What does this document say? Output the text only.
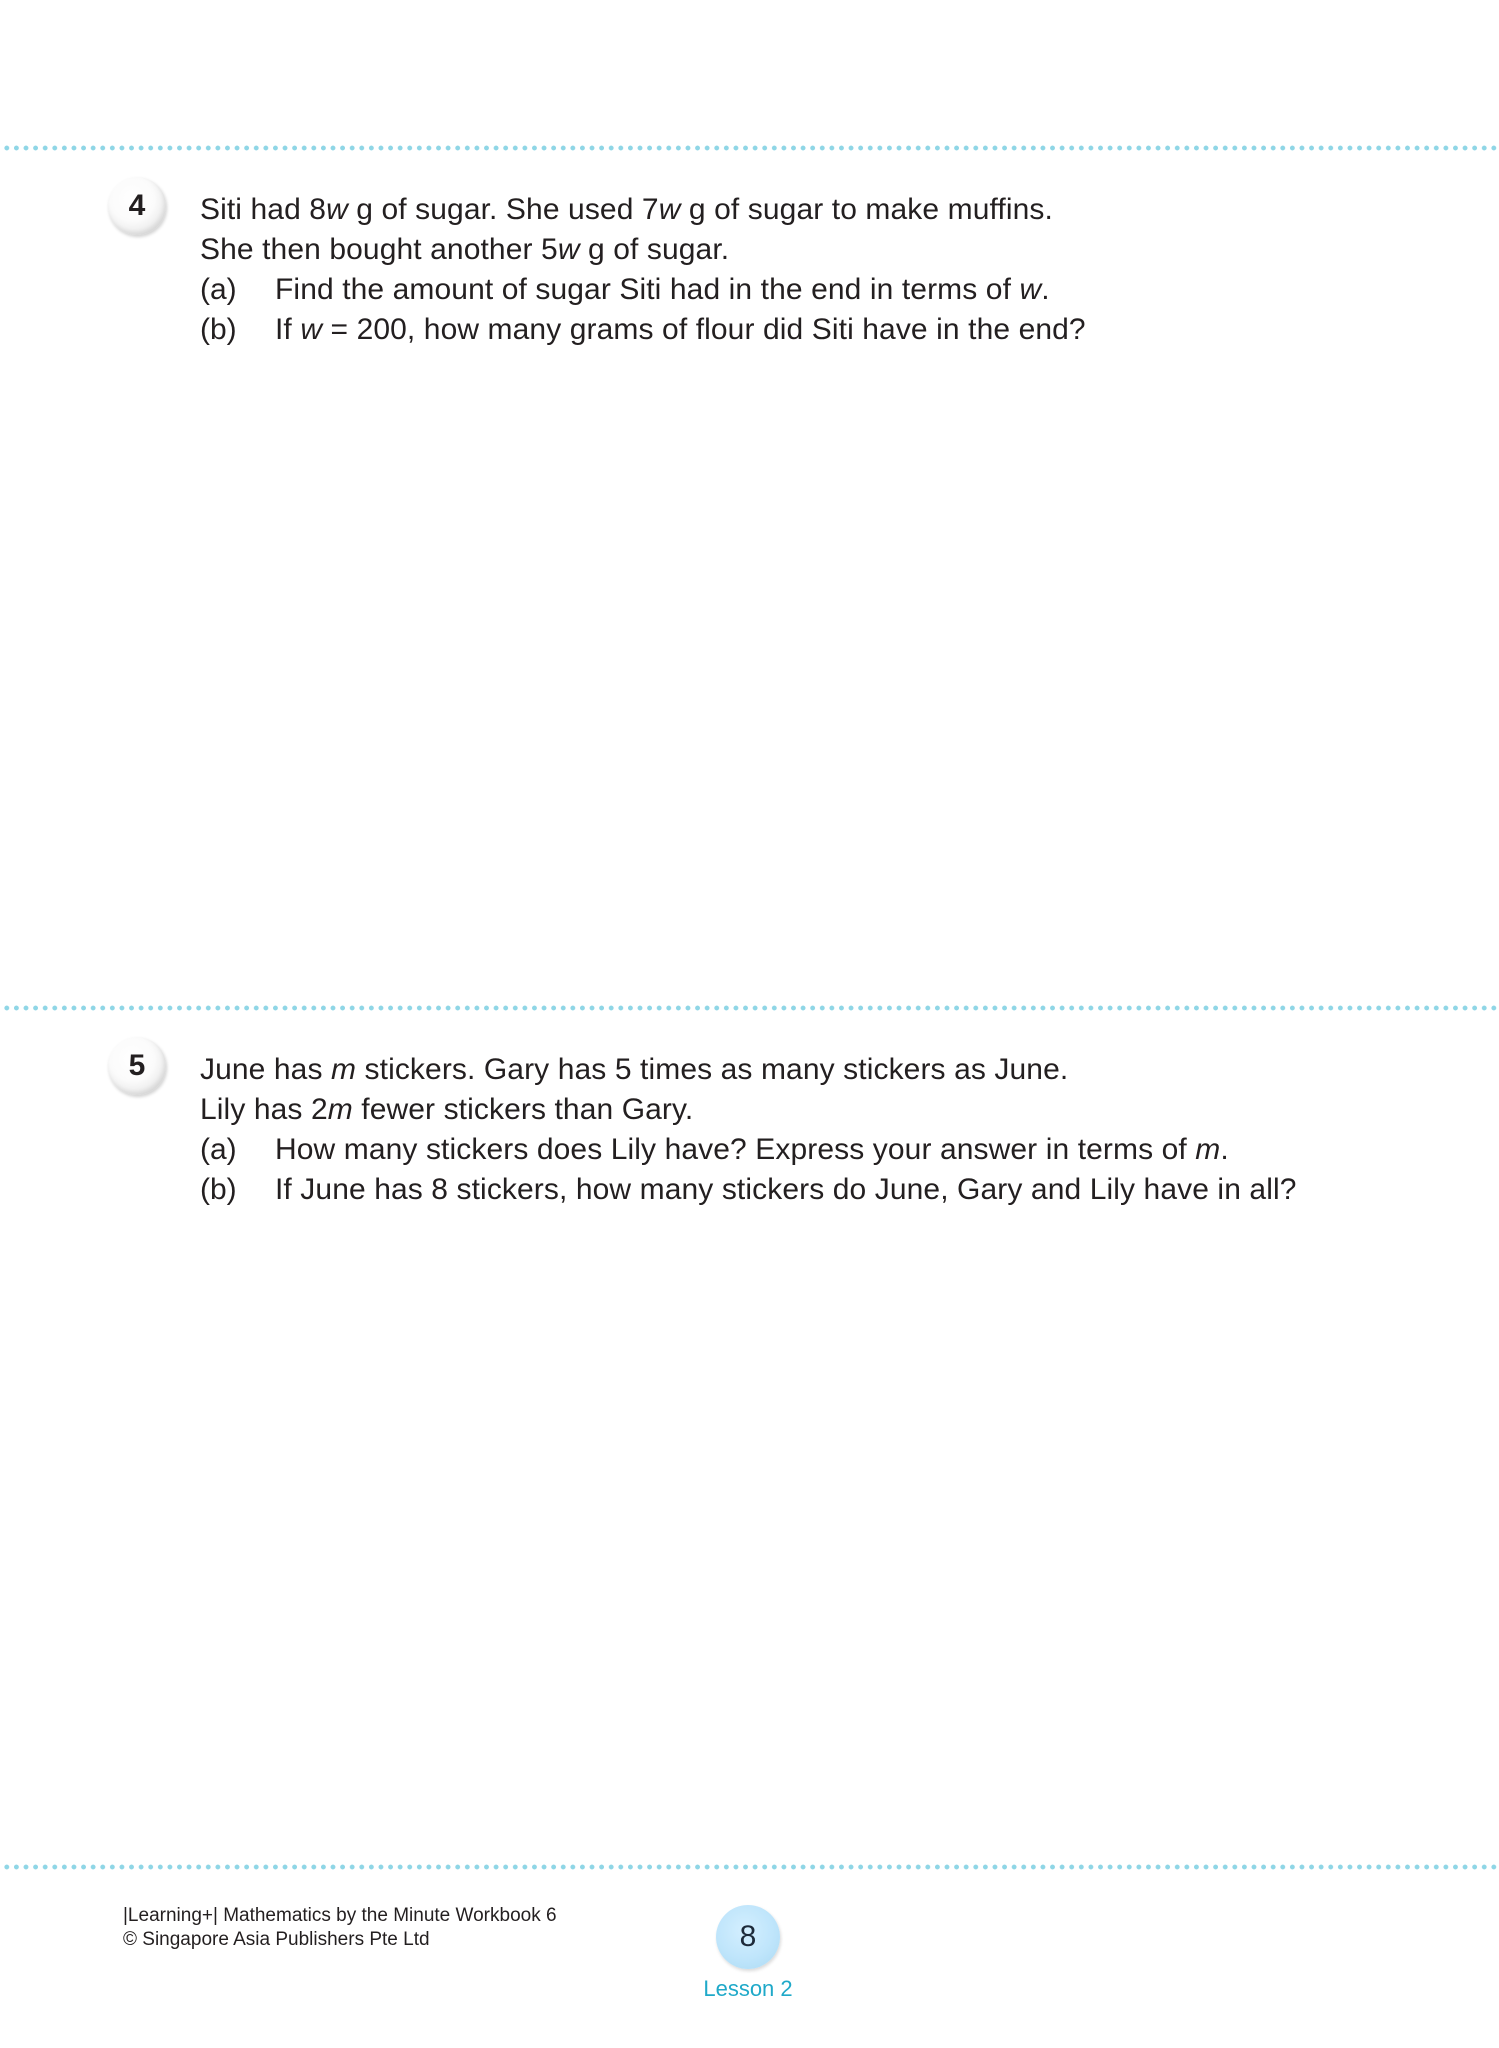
4 Siti had 8w g of sugar. She used 7w g of sugar to make muffins.
She then bought another 5w g of sugar.
(a) Find the amount of sugar Siti had in the end in terms of w.
(b) If w = 200, how many grams of flour did Siti have in the end?
5 June has m stickers. Gary has 5 times as many stickers as June.
Lily has 2m fewer stickers than Gary.
(a) How many stickers does Lily have? Express your answer in terms of m.
(b) If June has 8 stickers, how many stickers do June, Gary and Lily have in all?
|Learning+| Mathematics by the Minute Workbook 6
© Singapore Asia Publishers Pte Ltd	8
Lesson 2
